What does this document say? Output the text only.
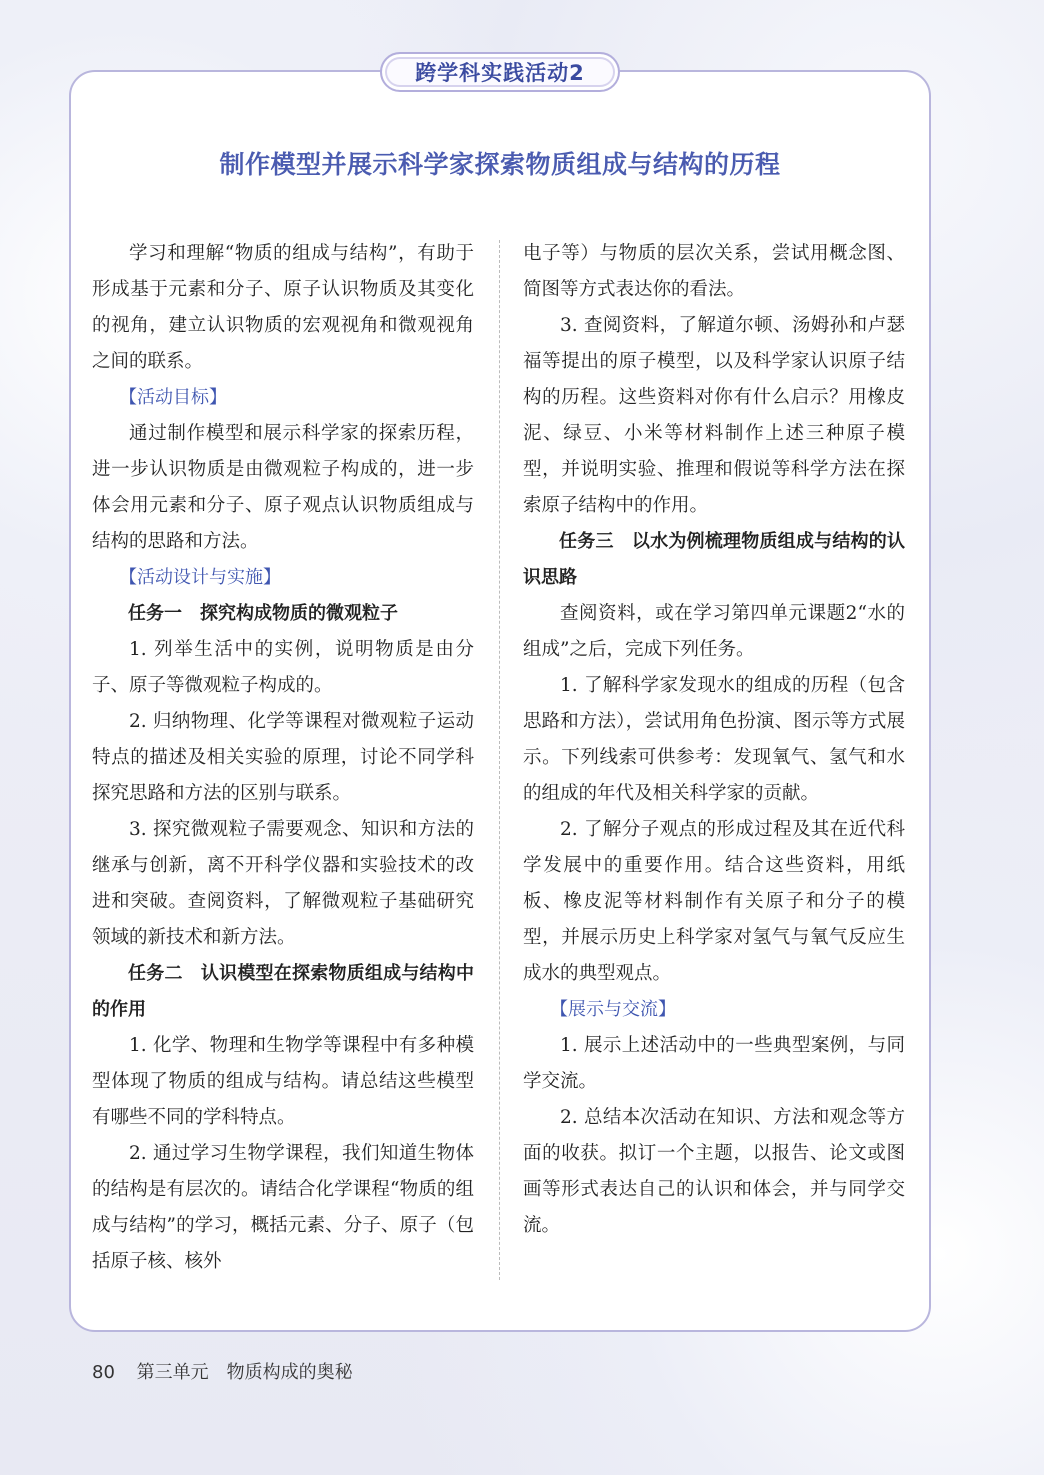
跨学科实践活动2
制作模型并展示科学家探索物质组成与结构的历程

学习和理解“物质的组成与结构”，有助于形成基于元素和分子、原子认识物质及其变化的视角，建立认识物质的宏观视角和微观视角之间的联系。

【活动目标】

通过制作模型和展示科学家的探索历程，进一步认识物质是由微观粒子构成的，进一步体会用元素和分子、原子观点认识物质组成与结构的思路和方法。

【活动设计与实施】

任务一　探究构成物质的微观粒子

1. 列举生活中的实例，说明物质是由分子、原子等微观粒子构成的。

2. 归纳物理、化学等课程对微观粒子运动特点的描述及相关实验的原理，讨论不同学科探究思路和方法的区别与联系。

3. 探究微观粒子需要观念、知识和方法的继承与创新，离不开科学仪器和实验技术的改进和突破。查阅资料，了解微观粒子基础研究领域的新技术和新方法。

任务二　认识模型在探索物质组成与结构中的作用

1. 化学、物理和生物学等课程中有多种模型体现了物质的组成与结构。请总结这些模型有哪些不同的学科特点。

2. 通过学习生物学课程，我们知道生物体的结构是有层次的。请结合化学课程“物质的组成与结构”的学习，概括元素、分子、原子（包括原子核、核外

电子等）与物质的层次关系，尝试用概念图、简图等方式表达你的看法。

3. 查阅资料，了解道尔顿、汤姆孙和卢瑟福等提出的原子模型，以及科学家认识原子结构的历程。这些资料对你有什么启示？用橡皮泥、绿豆、小米等材料制作上述三种原子模型，并说明实验、推理和假说等科学方法在探索原子结构中的作用。

任务三　以水为例梳理物质组成与结构的认识思路

查阅资料，或在学习第四单元课题2“水的组成”之后，完成下列任务。

1. 了解科学家发现水的组成的历程（包含思路和方法），尝试用角色扮演、图示等方式展示。下列线索可供参考：发现氧气、氢气和水的组成的年代及相关科学家的贡献。

2. 了解分子观点的形成过程及其在近代科学发展中的重要作用。结合这些资料，用纸板、橡皮泥等材料制作有关原子和分子的模型，并展示历史上科学家对氢气与氧气反应生成水的典型观点。

【展示与交流】

1. 展示上述活动中的一些典型案例，与同学交流。

2. 总结本次活动在知识、方法和观念等方面的收获。拟订一个主题，以报告、论文或图画等形式表达自己的认识和体会，并与同学交流。

80 第三单元　物质构成的奥秘
